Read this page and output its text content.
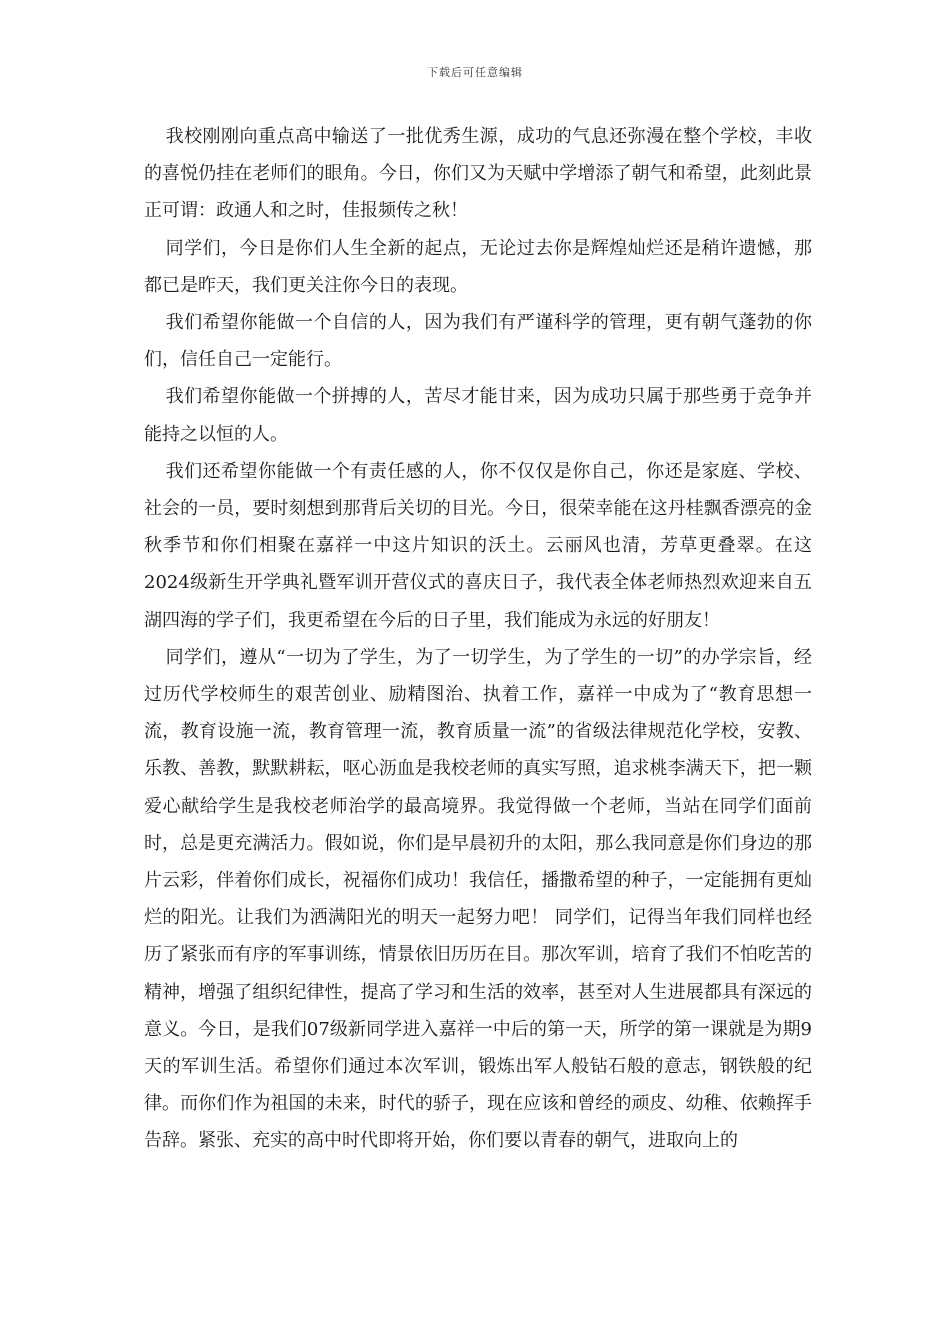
下载后可任意编辑

我校刚刚向重点高中输送了一批优秀生源，成功的气息还弥漫在整个学校，丰收的喜悦仍挂在老师们的眼角。今日，你们又为天赋中学增添了朝气和希望，此刻此景正可谓：政通人和之时，佳报频传之秋！

同学们，今日是你们人生全新的起点，无论过去你是辉煌灿烂还是稍许遗憾，那都已是昨天，我们更关注你今日的表现。

我们希望你能做一个自信的人，因为我们有严谨科学的管理，更有朝气蓬勃的你们，信任自己一定能行。

我们希望你能做一个拼搏的人，苦尽才能甘来，因为成功只属于那些勇于竞争并能持之以恒的人。

我们还希望你能做一个有责任感的人，你不仅仅是你自己，你还是家庭、学校、社会的一员，要时刻想到那背后关切的目光。今日，很荣幸能在这丹桂飘香漂亮的金秋季节和你们相聚在嘉祥一中这片知识的沃土。云丽风也清，芳草更叠翠。在这2024级新生开学典礼暨军训开营仪式的喜庆日子，我代表全体老师热烈欢迎来自五湖四海的学子们，我更希望在今后的日子里，我们能成为永远的好朋友！

同学们，遵从“一切为了学生，为了一切学生，为了学生的一切”的办学宗旨，经过历代学校师生的艰苦创业、励精图治、执着工作，嘉祥一中成为了“教育思想一流，教育设施一流，教育管理一流，教育质量一流”的省级法律规范化学校，安教、乐教、善教，默默耕耘，呕心沥血是我校老师的真实写照，追求桃李满天下，把一颗爱心献给学生是我校老师治学的最高境界。我觉得做一个老师，当站在同学们面前时，总是更充满活力。假如说，你们是早晨初升的太阳，那么我同意是你们身边的那片云彩，伴着你们成长，祝福你们成功！我信任，播撒希望的种子，一定能拥有更灿烂的阳光。让我们为洒满阳光的明天一起努力吧！ 同学们，记得当年我们同样也经历了紧张而有序的军事训练，情景依旧历历在目。那次军训，培育了我们不怕吃苦的精神，增强了组织纪律性，提高了学习和生活的效率，甚至对人生进展都具有深远的意义。今日，是我们07级新同学进入嘉祥一中后的第一天，所学的第一课就是为期9天的军训生活。希望你们通过本次军训，锻炼出军人般钻石般的意志，钢铁般的纪律。而你们作为祖国的未来，时代的骄子，现在应该和曾经的顽皮、幼稚、依赖挥手告辞。紧张、充实的高中时代即将开始，你们要以青春的朝气，进取向上的
